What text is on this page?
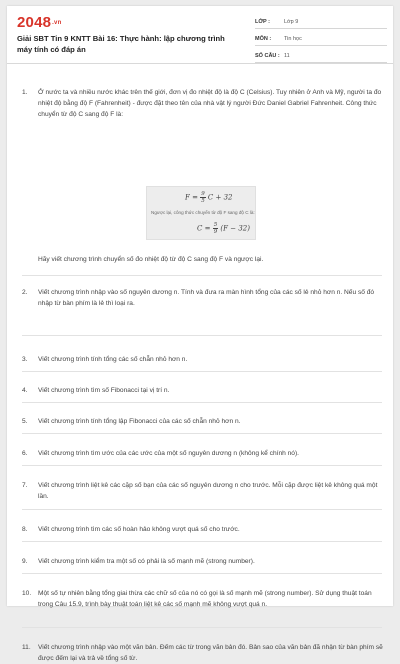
$2048^{.vn}$
Giải SBT Tin 9 KNTT Bài 16: Thực hành: lập chương trình máy tính có đáp án
LỚP :	Lớp 9
MÔN :	Tin học
SỐ CÂU : 11
1. Ở nước ta và nhiều nước khác trên thế giới, đơn vị đo nhiệt độ là độ C (Celsius). Tuy nhiên ở Anh và Mỹ, người ta đo nhiệt độ bằng độ F (Fahrenheit) - được đặt theo tên của nhà vật lý người Đức Daniel Gabriel Fahrenheit. Công thức chuyển từ độ C sang độ F là:
$F = \frac{9}{5}$ C + 32
Ngược lại, công thức chuyển từ độ F sang độ C là:
$C = \frac{5}{9} (F - 32)$
Hãy viết chương trình chuyển số đo nhiệt độ từ độ C sang độ F và ngược lại.
2. Viết chương trình nhập vào số nguyên dương n. Tính và đưa ra màn hình tổng của các số lẻ nhỏ hơn n. Nếu số đó nhập từ bàn phím là lẻ thì loại ra.
3. Viết chương trình tính tổng các số chẵn nhỏ hơn n.
4. Viết chương trình tìm số Fibonacci tại vị trí n.
5. Viết chương trình tính tổng lập Fibonacci của các số chẵn nhỏ hơn n.
6. Viết chương trình tìm ước của các ước của một số nguyên dương n (không kể chính nó).
7. Viết chương trình liệt kê các cặp số bạn của các số nguyên dương n cho trước. Mỗi cặp được liệt kê không quá một lần.
8. Viết chương trình tìm các số hoàn hảo không vượt quá số cho trước.
9. Viết chương trình kiểm tra một số có phải là số mạnh mẽ (strong number).
10. Một số tự nhiên bằng tổng giai thừa các chữ số của nó có gọi là số mạnh mẽ (strong number). Sử dụng thuật toán trong Câu 15.9, trình bày thuật toán liệt kê các số mạnh mẽ không vượt quá n.
11. Viết chương trình nhập vào một văn bản. Đếm các từ trong văn bản đó. Bản sao của văn bản đã nhận từ bàn phím sẽ được đếm lại và trả về tổng số từ.
